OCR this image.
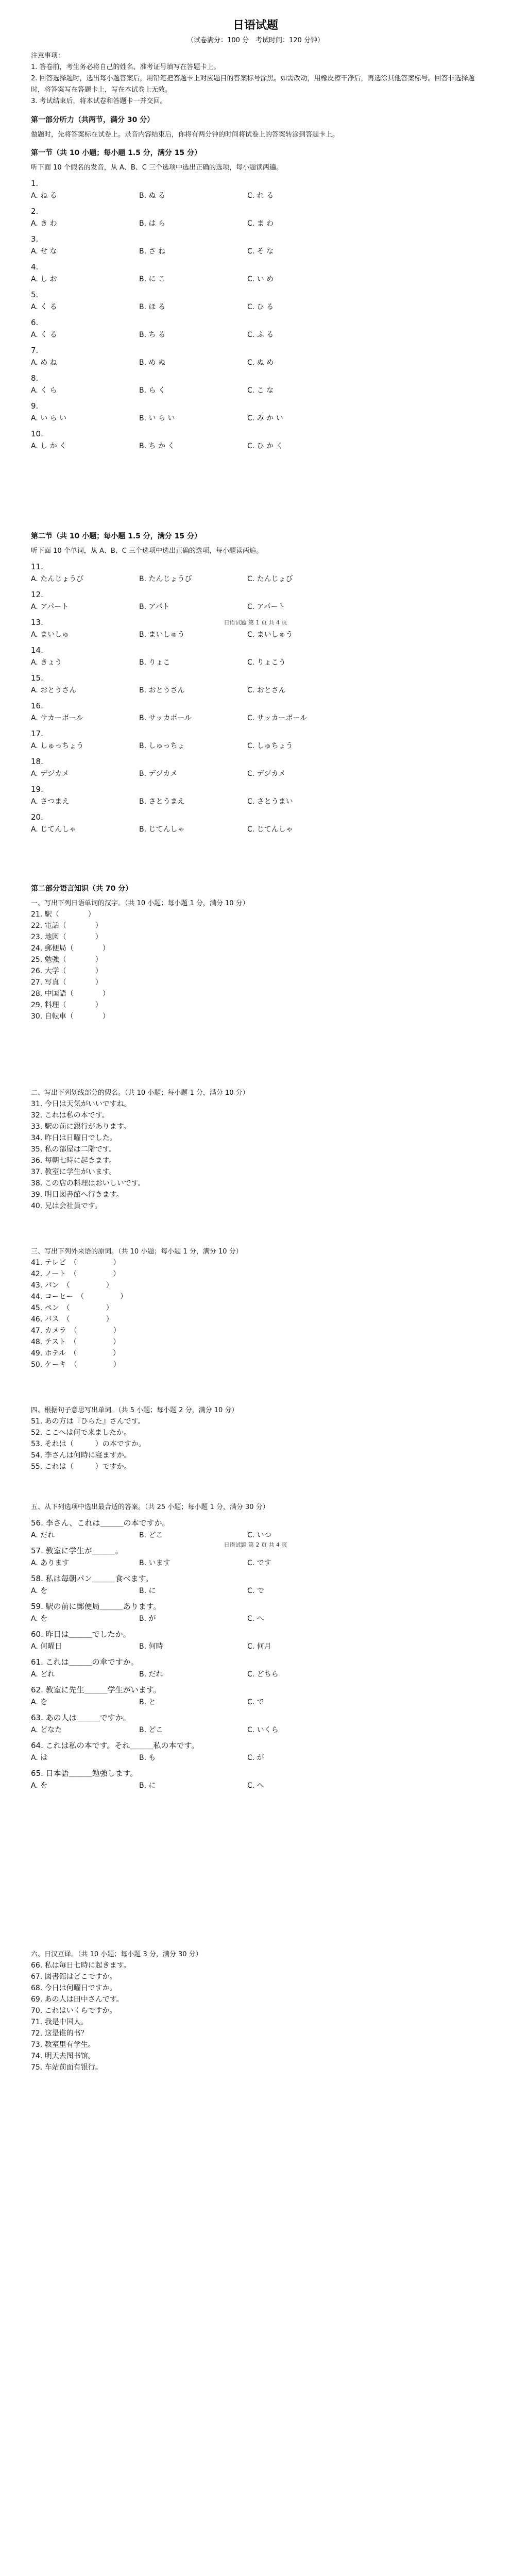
日语试题
（试卷满分：100 分　考试时间：120 分钟）
注意事项：
1. 答卷前，考生务必将自己的姓名、准考证号填写在答题卡上。
2. 回答选择题时，选出每小题答案后，用铅笔把答题卡上对应题目的答案标号涂黑。如需改动，用橡皮擦干净后，再选涂其他答案标号。回答非选择题时，将答案写在答题卡上，写在本试卷上无效。
3. 考试结束后，将本试卷和答题卡一并交回。
第一部分听力（共两节，满分 30 分）
做题时，先将答案标在试卷上。录音内容结束后，你将有两分钟的时间将试卷上的答案转涂到答题卡上。
第一节（共 10 小题；每小题 1.5 分，满分 15 分）
听下面 10 个假名的发音，从 A、B、C 三个选项中选出正确的选项，每小题读两遍。
1.
A. ね る	B. ぬ る	C. れ る
2.
A. き わ	B. は ら	C. ま わ
3.
A. せ な	B. さ ね	C. そ な
4.
A. し お	B. に こ	C. い め
5.
A. く る	B. ほ る	C. ひ る
6.
A. く る	B. ち る	C. ふ る
7.
A. め ね	B. め ぬ	C. ぬ め
8.
A. く ら	B. ら く	C. こ な
9.
A. い ら い	B. い ら い	C. み か い
10.
A. し か く	B. ち か く	C. ひ か く
第二节（共 10 小题；每小题 1.5 分，满分 15 分）
听下面 10 个单词，从 A、B、C 三个选项中选出正确的选项，每小题读两遍。
11.
A. たんじょうび	B. たんじょうび	C. たんじょび
12.
A. アパート	B. アパト	C. アパート
13.
A. まいしゅ	B. まいしゅう	C. まいしゅう
14.
A. きょう	B. りょこ	C. りょこう
15.
A. おとうさん	B. おとうさん	C. おとさん
16.
A. サカーボール	B. サッカボール	C. サッカーボール
17.
A. しゅっちょう	B. しゅっちょ	C. しゅちょう
18.
A. デジカメ	B. デジカメ	C. デジカメ
19.
A. さつまえ	B. さとうまえ	C. さとうまい
20.
A. じてんしゃ	B. じてんしゃ	C. じてんしゃ
第二部分语言知识（共 70 分）
一、写出下列日语单词的汉字。（共 10 小题；每小题 1 分，满分 10 分）
21. 駅（　　　　）
22. 電話（　　　　）
23. 地図（　　　　）
24. 郵便局（　　　　）
25. 勉強（　　　　）
26. 大学（　　　　）
27. 写真（　　　　）
28. 中国語（　　　　）
29. 料理（　　　　）
30. 自転車（　　　　）
二、写出下列划线部分的假名。（共 10 小题；每小题 1 分，满分 10 分）
31. 今日は天気がいいですね。
32. これは私の本です。
33. 駅の前に銀行があります。
34. 昨日は日曜日でした。
35. 私の部屋は二階です。
36. 毎朝七時に起きます。
37. 教室に学生がいます。
38. この店の料理はおいしいです。
39. 明日図書館へ行きます。
40. 兄は会社員です。
三、写出下列外来语的原词。（共 10 小题；每小题 1 分，满分 10 分）
41. テレビ　（　　　　　）
42. ノート　（　　　　　）
43. パン　（　　　　　）
44. コーヒー　（　　　　　）
45. ペン　（　　　　　）
46. バス　（　　　　　）
47. カメラ　（　　　　　）
48. テスト　（　　　　　）
49. ホテル　（　　　　　）
50. ケーキ　（　　　　　）
四、根据句子意思写出单词。（共 5 小题；每小题 2 分，满分 10 分）
51. あの方は『ひらた』さんです。
52. ここへは何で来ましたか。
53. それは（　　　）の本ですか。
54. 李さんは何時に寝ますか。
55. これは（　　　）ですか。
五、从下列选项中选出最合适的答案。（共 25 小题；每小题 1 分，满分 30 分）
56. 李さん、これは＿＿＿の本ですか。
A. だれ	B. どこ	C. いつ
57. 教室に学生が＿＿＿。
A. あります	B. います	C. です
58. 私は毎朝パン＿＿＿食べます。
A. を	B. に	C. で
59. 駅の前に郵便局＿＿＿あります。
A. を	B. が	C. へ
60. 昨日は＿＿＿でしたか。
A. 何曜日	B. 何時	C. 何月
61. これは＿＿＿の傘ですか。
A. どれ	B. だれ	C. どちら
62. 教室に先生＿＿＿学生がいます。
A. を	B. と	C. で
63. あの人は＿＿＿ですか。
A. どなた	B. どこ	C. いくら
64. これは私の本です。それ＿＿＿私の本です。
A. は	B. も	C. が
65. 日本語＿＿＿勉強します。
A. を	B. に	C. へ
六、日汉互译。（共 10 小题；每小题 3 分，满分 30 分）
66. 私は毎日七時に起きます。
67. 図書館はどこですか。
68. 今日は何曜日ですか。
69. あの人は田中さんです。
70. これはいくらですか。
71. 我是中国人。
72. 这是谁的书？
73. 教室里有学生。
74. 明天去图书馆。
75. 车站前面有银行。
日语试题 第 1 页 共 4 页
日语试题 第 2 页 共 4 页
